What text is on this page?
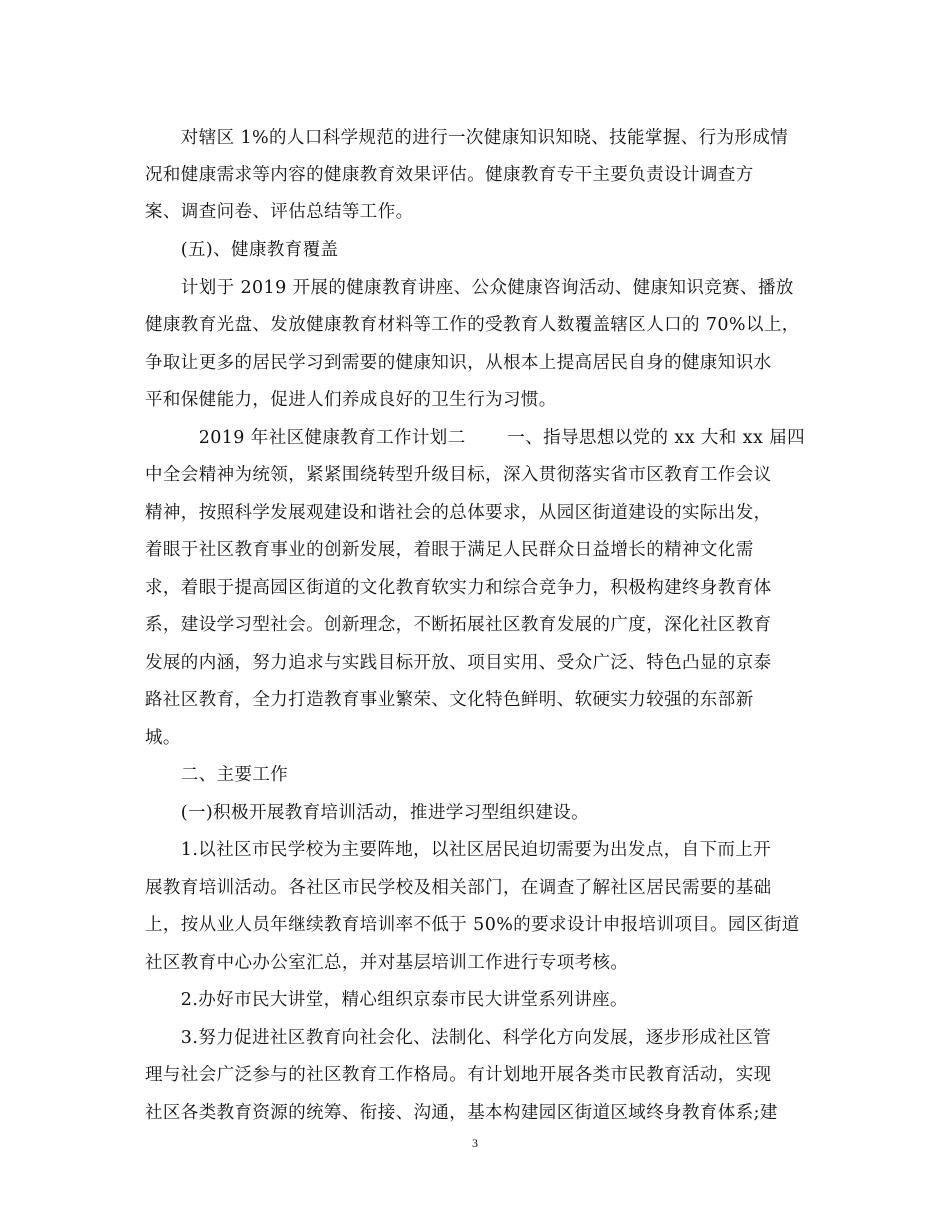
　　对辖区 1%的人口科学规范的进行一次健康知识知晓、技能掌握、行为形成情
况和健康需求等内容的健康教育效果评估。健康教育专干主要负责设计调查方
案、调查问卷、评估总结等工作。
　　(五)、健康教育覆盖
　　计划于 2019 开展的健康教育讲座、公众健康咨询活动、健康知识竞赛、播放
健康教育光盘、发放健康教育材料等工作的受教育人数覆盖辖区人口的 70%以上，
争取让更多的居民学习到需要的健康知识，从根本上提高居民自身的健康知识水
平和保健能力，促进人们养成良好的卫生行为习惯。
　　　2019 年社区健康教育工作计划二　　 一、指导思想以党的 xx 大和 xx 届四
中全会精神为统领，紧紧围绕转型升级目标，深入贯彻落实省市区教育工作会议
精神，按照科学发展观建设和谐社会的总体要求，从园区街道建设的实际出发，
着眼于社区教育事业的创新发展，着眼于满足人民群众日益增长的精神文化需
求，着眼于提高园区街道的文化教育软实力和综合竞争力，积极构建终身教育体
系，建设学习型社会。创新理念，不断拓展社区教育发展的广度，深化社区教育
发展的内涵，努力追求与实践目标开放、项目实用、受众广泛、特色凸显的京泰
路社区教育，全力打造教育事业繁荣、文化特色鲜明、软硬实力较强的东部新
城。
　　二、主要工作
　　(一)积极开展教育培训活动，推进学习型组织建设。
　　1.以社区市民学校为主要阵地，以社区居民迫切需要为出发点，自下而上开
展教育培训活动。各社区市民学校及相关部门，在调查了解社区居民需要的基础
上，按从业人员年继续教育培训率不低于 50%的要求设计申报培训项目。园区街道
社区教育中心办公室汇总，并对基层培训工作进行专项考核。
　　2.办好市民大讲堂，精心组织京泰市民大讲堂系列讲座。
　　3.努力促进社区教育向社会化、法制化、科学化方向发展，逐步形成社区管
理与社会广泛参与的社区教育工作格局。有计划地开展各类市民教育活动，实现
社区各类教育资源的统筹、衔接、沟通，基本构建园区街道区域终身教育体系;建
3
